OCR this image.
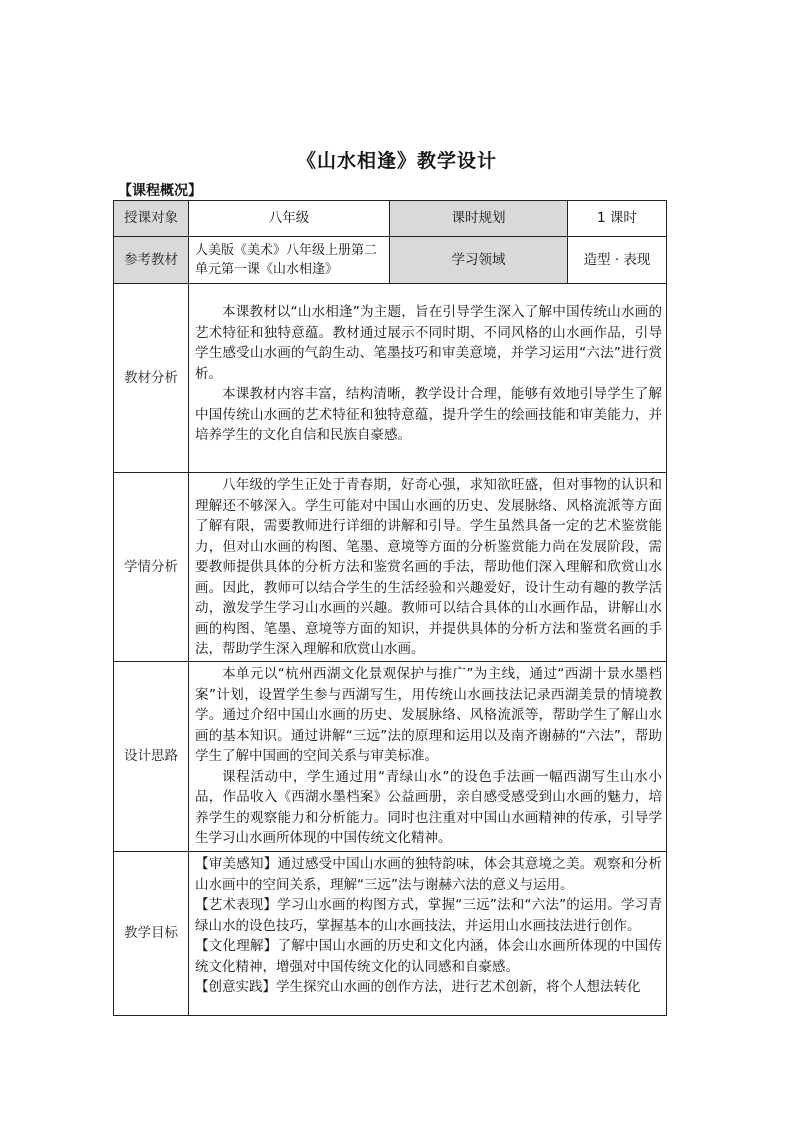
《山水相逢》教学设计
【课程概况】
授课对象	八年级	课时规划	1 课时
参考教材	人美版《美术》八年级上册第二单元第一课《山水相逢》	学习领域	造型 · 表现
教材分析	本课教材以“山水相逢”为主题，旨在引导学生深入了解中国传统山水画的艺术特征和独特意蕴。教材通过展示不同时期、不同风格的山水画作品，引导学生感受山水画的气韵生动、笔墨技巧和审美意境，并学习运用“六法”进行赏析。

本课教材内容丰富，结构清晰，教学设计合理，能够有效地引导学生了解中国传统山水画的艺术特征和独特意蕴，提升学生的绘画技能和审美能力，并培养学生的文化自信和民族自豪感。		

学情分析	八年级的学生正处于青春期，好奇心强，求知欲旺盛，但对事物的认识和理解还不够深入。学生可能对中国山水画的历史、发展脉络、风格流派等方面了解有限，需要教师进行详细的讲解和引导。学生虽然具备一定的艺术鉴赏能力，但对山水画的构图、笔墨、意境等方面的分析鉴赏能力尚在发展阶段，需要教师提供具体的分析方法和鉴赏名画的手法，帮助他们深入理解和欣赏山水画。因此，教师可以结合学生的生活经验和兴趣爱好，设计生动有趣的教学活动，激发学生学习山水画的兴趣。教师可以结合具体的山水画作品，讲解山水画的构图、笔墨、意境等方面的知识，并提供具体的分析方法和鉴赏名画的手法，帮助学生深入理解和欣赏山水画。		

设计思路	本单元以“杭州西湖文化景观保护与推广”为主线，通过“西湖十景水墨档案”计划，设置学生参与西湖写生，用传统山水画技法记录西湖美景的情境教学。通过介绍中国山水画的历史、发展脉络、风格流派等，帮助学生了解山水画的基本知识。通过讲解“三远”法的原理和运用以及南齐谢赫的“六法”，帮助学生了解中国画的空间关系与审美标准。

课程活动中，学生通过用“青绿山水”的设色手法画一幅西湖写生山水小品，作品收入《西湖水墨档案》公益画册，亲自感受感受到山水画的魅力，培养学生的观察能力和分析能力。同时也注重对中国山水画精神的传承，引导学生学习山水画所体现的中国传统文化精神。		

教学目标	【审美感知】通过感受中国山水画的独特韵味，体会其意境之美。观察和分析山水画中的空间关系，理解“三远”法与谢赫六法的意义与运用。

【艺术表现】学习山水画的构图方式，掌握“三远”法和“六法”的运用。学习青绿山水的设色技巧，掌握基本的山水画技法，并运用山水画技法进行创作。

【文化理解】了解中国山水画的历史和文化内涵，体会山水画所体现的中国传统文化精神，增强对中国传统文化的认同感和自豪感。

【创意实践】学生探究山水画的创作方法，进行艺术创新，将个人想法转化		
